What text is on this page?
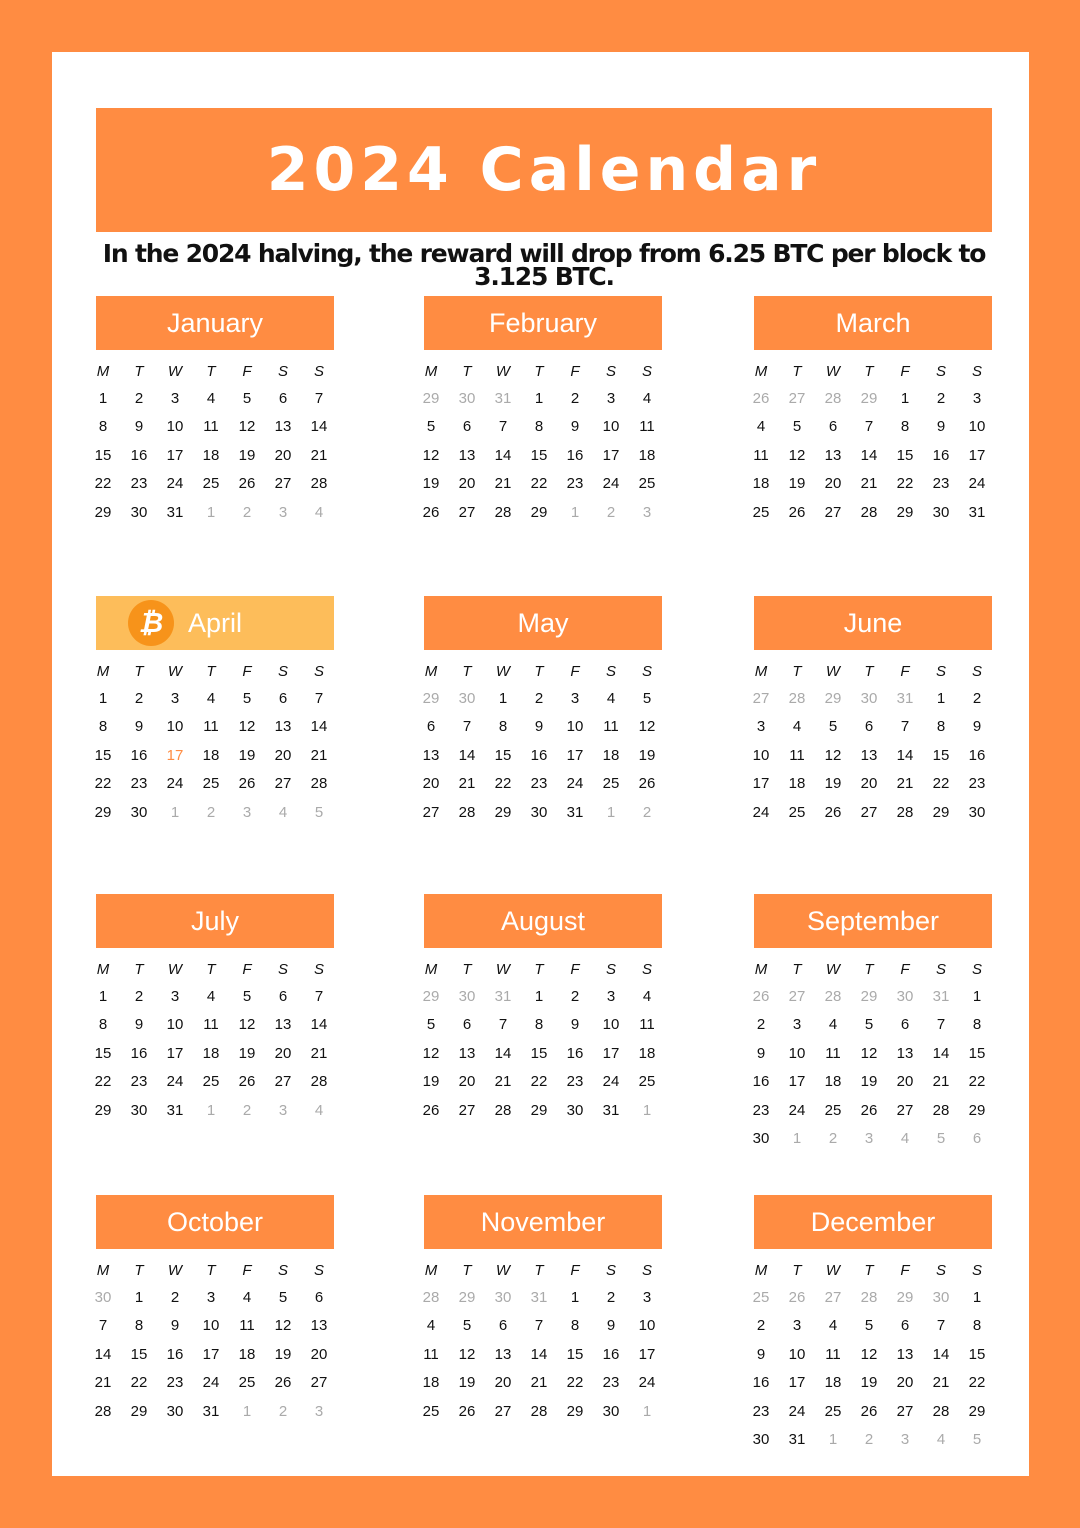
2024 Calendar
In the 2024 halving, the reward will drop from 6.25 BTC per block to 3.125 BTC.
January
M	T	W	T	F	S	S
1	2	3	4	5	6	7
8	9	10	11	12	13	14
15	16	17	18	19	20	21
22	23	24	25	26	27	28
29	30	31	1	2	3	4
February
M	T	W	T	F	S	S
29	30	31	1	2	3	4
5	6	7	8	9	10	11
12	13	14	15	16	17	18
19	20	21	22	23	24	25
26	27	28	29	1	2	3
March
M	T	W	T	F	S	S
26	27	28	29	1	2	3
4	5	6	7	8	9	10
11	12	13	14	15	16	17
18	19	20	21	22	23	24
25	26	27	28	29	30	31
₿ April
M	T	W	T	F	S	S
1	2	3	4	5	6	7
8	9	10	11	12	13	14
15	16	17	18	19	20	21
22	23	24	25	26	27	28
29	30	1	2	3	4	5
May
M	T	W	T	F	S	S
29	30	1	2	3	4	5
6	7	8	9	10	11	12
13	14	15	16	17	18	19
20	21	22	23	24	25	26
27	28	29	30	31	1	2
June
M	T	W	T	F	S	S
27	28	29	30	31	1	2
3	4	5	6	7	8	9
10	11	12	13	14	15	16
17	18	19	20	21	22	23
24	25	26	27	28	29	30
July
M	T	W	T	F	S	S
1	2	3	4	5	6	7
8	9	10	11	12	13	14
15	16	17	18	19	20	21
22	23	24	25	26	27	28
29	30	31	1	2	3	4
August
M	T	W	T	F	S	S
29	30	31	1	2	3	4
5	6	7	8	9	10	11
12	13	14	15	16	17	18
19	20	21	22	23	24	25
26	27	28	29	30	31	1
September
M	T	W	T	F	S	S
26	27	28	29	30	31	1
2	3	4	5	6	7	8
9	10	11	12	13	14	15
16	17	18	19	20	21	22
23	24	25	26	27	28	29
30	1	2	3	4	5	6
October
M	T	W	T	F	S	S
30	1	2	3	4	5	6
7	8	9	10	11	12	13
14	15	16	17	18	19	20
21	22	23	24	25	26	27
28	29	30	31	1	2	3
November
M	T	W	T	F	S	S
28	29	30	31	1	2	3
4	5	6	7	8	9	10
11	12	13	14	15	16	17
18	19	20	21	22	23	24
25	26	27	28	29	30	1
December
M	T	W	T	F	S	S
25	26	27	28	29	30	1
2	3	4	5	6	7	8
9	10	11	12	13	14	15
16	17	18	19	20	21	22
23	24	25	26	27	28	29
30	31	1	2	3	4	5
